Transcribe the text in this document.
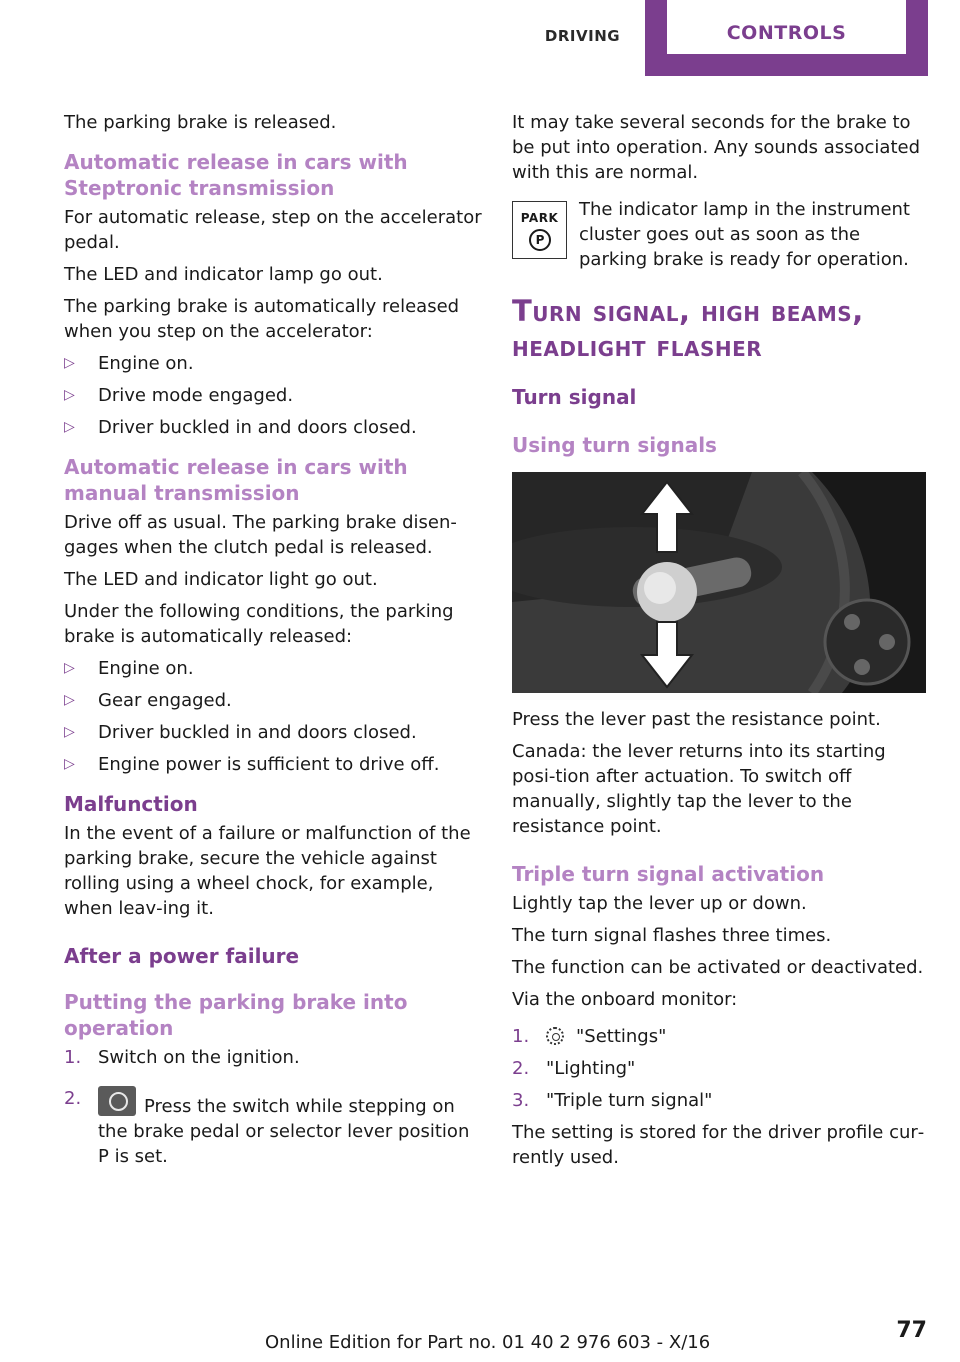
DRIVING	CONTROLS

The parking brake is released.

Automatic release in cars with Steptronic transmission

For automatic release, step on the accelerator pedal.

The LED and indicator lamp go out.

The parking brake is automatically released when you step on the accelerator:

▷ Engine on.
▷ Drive mode engaged.
▷ Driver buckled in and doors closed.
Automatic release in cars with manual transmission

Drive off as usual. The parking brake disen‐gages when the clutch pedal is released.

The LED and indicator light go out.

Under the following conditions, the parking brake is automatically released:

▷ Engine on.
▷ Gear engaged.
▷ Driver buckled in and doors closed.
▷ Engine power is sufficient to drive off.
Malfunction

In the event of a failure or malfunction of the parking brake, secure the vehicle against rolling using a wheel chock, for example, when leav‐ing it.

After a power failure
Putting the parking brake into operation
1. Switch on the ignition.
2.	Press the switch while stepping on the brake pedal or selector lever position P is set.

It may take several seconds for the brake to be put into operation. Any sounds associated with this are normal.

PARK
P

The indicator lamp in the instrument cluster goes out as soon as the parking brake is ready for operation.

Turn signal, high beams, headlight flasher
Turn signal
Using turn signals

Press the lever past the resistance point.

Canada: the lever returns into its starting posi‐tion after actuation. To switch off manually, slightly tap the lever to the resistance point.

Triple turn signal activation

Lightly tap the lever up or down.

The turn signal flashes three times.

The function can be activated or deactivated.

Via the onboard monitor:

1.	"Settings"
2. "Lighting"
3. "Triple turn signal"

The setting is stored for the driver profile cur‐rently used.

Online Edition for Part no. 01 40 2 976 603 - X/16	77
